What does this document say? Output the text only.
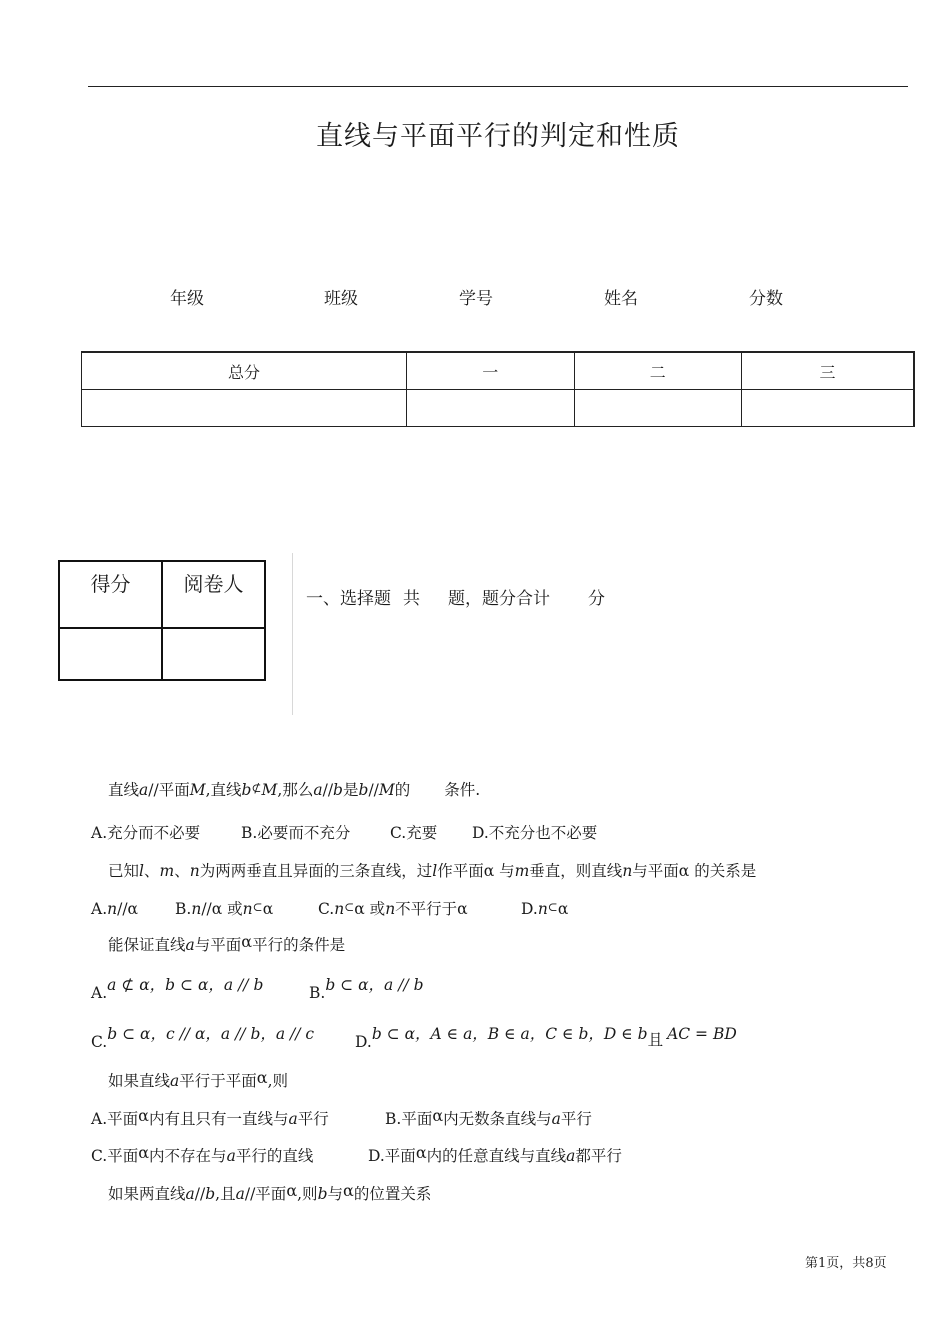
直线与平面平行的判定和性质
年级	班级	学号	姓名	分数
总分	一	二	三

得分	阅卷人

一、选择题 共 题，题分合计 分
直线a//平面M,直线b⊄M,那么a//b是b//M的 条件.
A.充分而不必要	B.必要而不充分	C.充要 D.不充分也不必要
已知l、m、n为两两垂直且异面的三条直线，过l作平面α 与m垂直，则直线n与平面α 的关系是
A.n//α B.n//α 或n⊂α	C.n⊂α 或n不平行于α	D.n⊂α
能保证直线a与平面$^\alpha$平行的条件是
A.a ⊄ α，b ⊂ α，a // b	B.b ⊂ α，a // b
C.b ⊂ α，c // α，a // b，a // c	D.b ⊂ α，A ∈ a，B ∈ a，C ∈ b，D ∈ b且 AC = BD
如果直线a平行于平面$^\alpha$,则
A.平面$^\alpha$内有且只有一直线与a平行	B.平面$^\alpha$内无数条直线与a平行
C.平面$^\alpha$内不存在与a平行的直线	D.平面$^\alpha$内的任意直线与直线a都平行
如果两直线a//b,且a//平面$^\alpha$,则b与$^\alpha$的位置关系
第1页，共8页
